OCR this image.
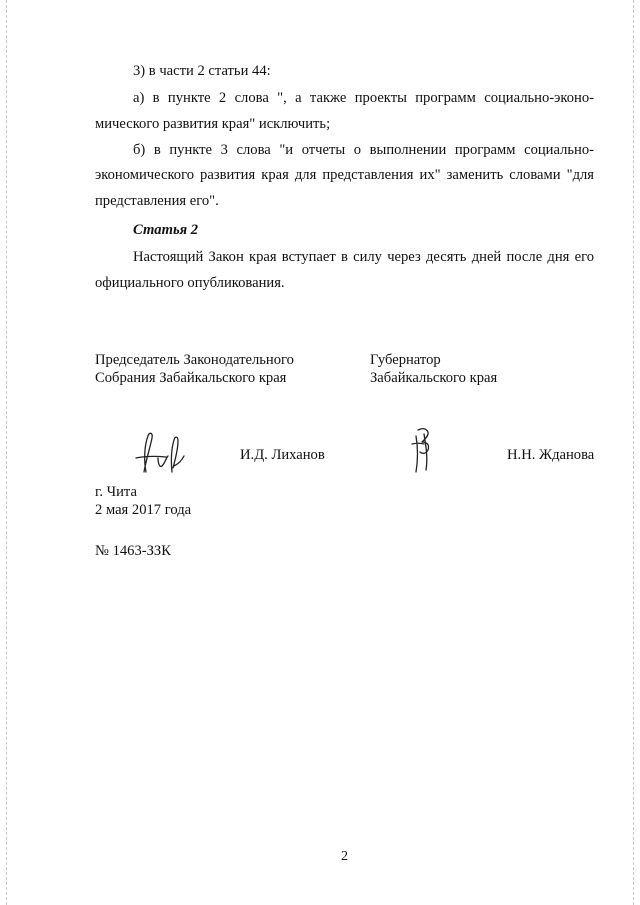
3) в части 2 статьи 44:
а) в пункте 2 слова ", а также проекты программ социально-эконо-
мического развития края" исключить;
б) в пункте 3 слова "и отчеты о выполнении программ социально-
экономического развития края для представления их" заменить словами "для
представления его".
Статья 2
Настоящий Закон края вступает в силу через десять дней после дня его
официального опубликования.
Председатель Законодательного
Собрания Забайкальского края
Губернатор
Забайкальского края
И.Д. Лиханов	Н.Н. Жданова
г. Чита
2 мая 2017 года
№ 1463-ЗЗК
2
